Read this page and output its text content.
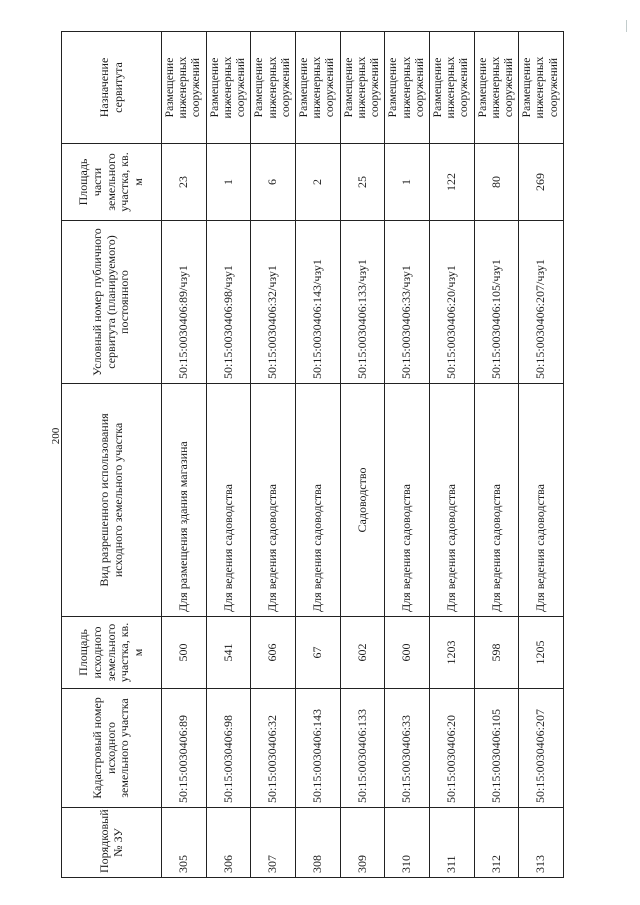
200
Порядковый № ЗУ	Кадастровый номер исходного земельного участка	Площадь исходного земельного участка, кв. м	Вид разрешенного использования исходного земельного участка	Условный номер публичного сервитута (планируемого) постоянного	Площадь части земельного участка, кв. м	Назначение сервитута
305	50:15:0030406:89	500	Для размещения здания магазина	50:15:0030406:89/чзу1	23	Размещение инженерных сооружений
306	50:15:0030406:98	541	Для ведения садоводства	50:15:0030406:98/чзу1	1	Размещение инженерных сооружений
307	50:15:0030406:32	606	Для ведения садоводства	50:15:0030406:32/чзу1	6	Размещение инженерных сооружений
308	50:15:0030406:143	67	Для ведения садоводства	50:15:0030406:143/чзу1	2	Размещение инженерных сооружений
309	50:15:0030406:133	602	Садоводство	50:15:0030406:133/чзу1	25	Размещение инженерных сооружений
310	50:15:0030406:33	600	Для ведения садоводства	50:15:0030406:33/чзу1	1	Размещение инженерных сооружений
311	50:15:0030406:20	1203	Для ведения садоводства	50:15:0030406:20/чзу1	122	Размещение инженерных сооружений
312	50:15:0030406:105	598	Для ведения садоводства	50:15:0030406:105/чзу1	80	Размещение инженерных сооружений
313	50:15:0030406:207	1205	Для ведения садоводства	50:15:0030406:207/чзу1	269	Размещение инженерных сооружений
